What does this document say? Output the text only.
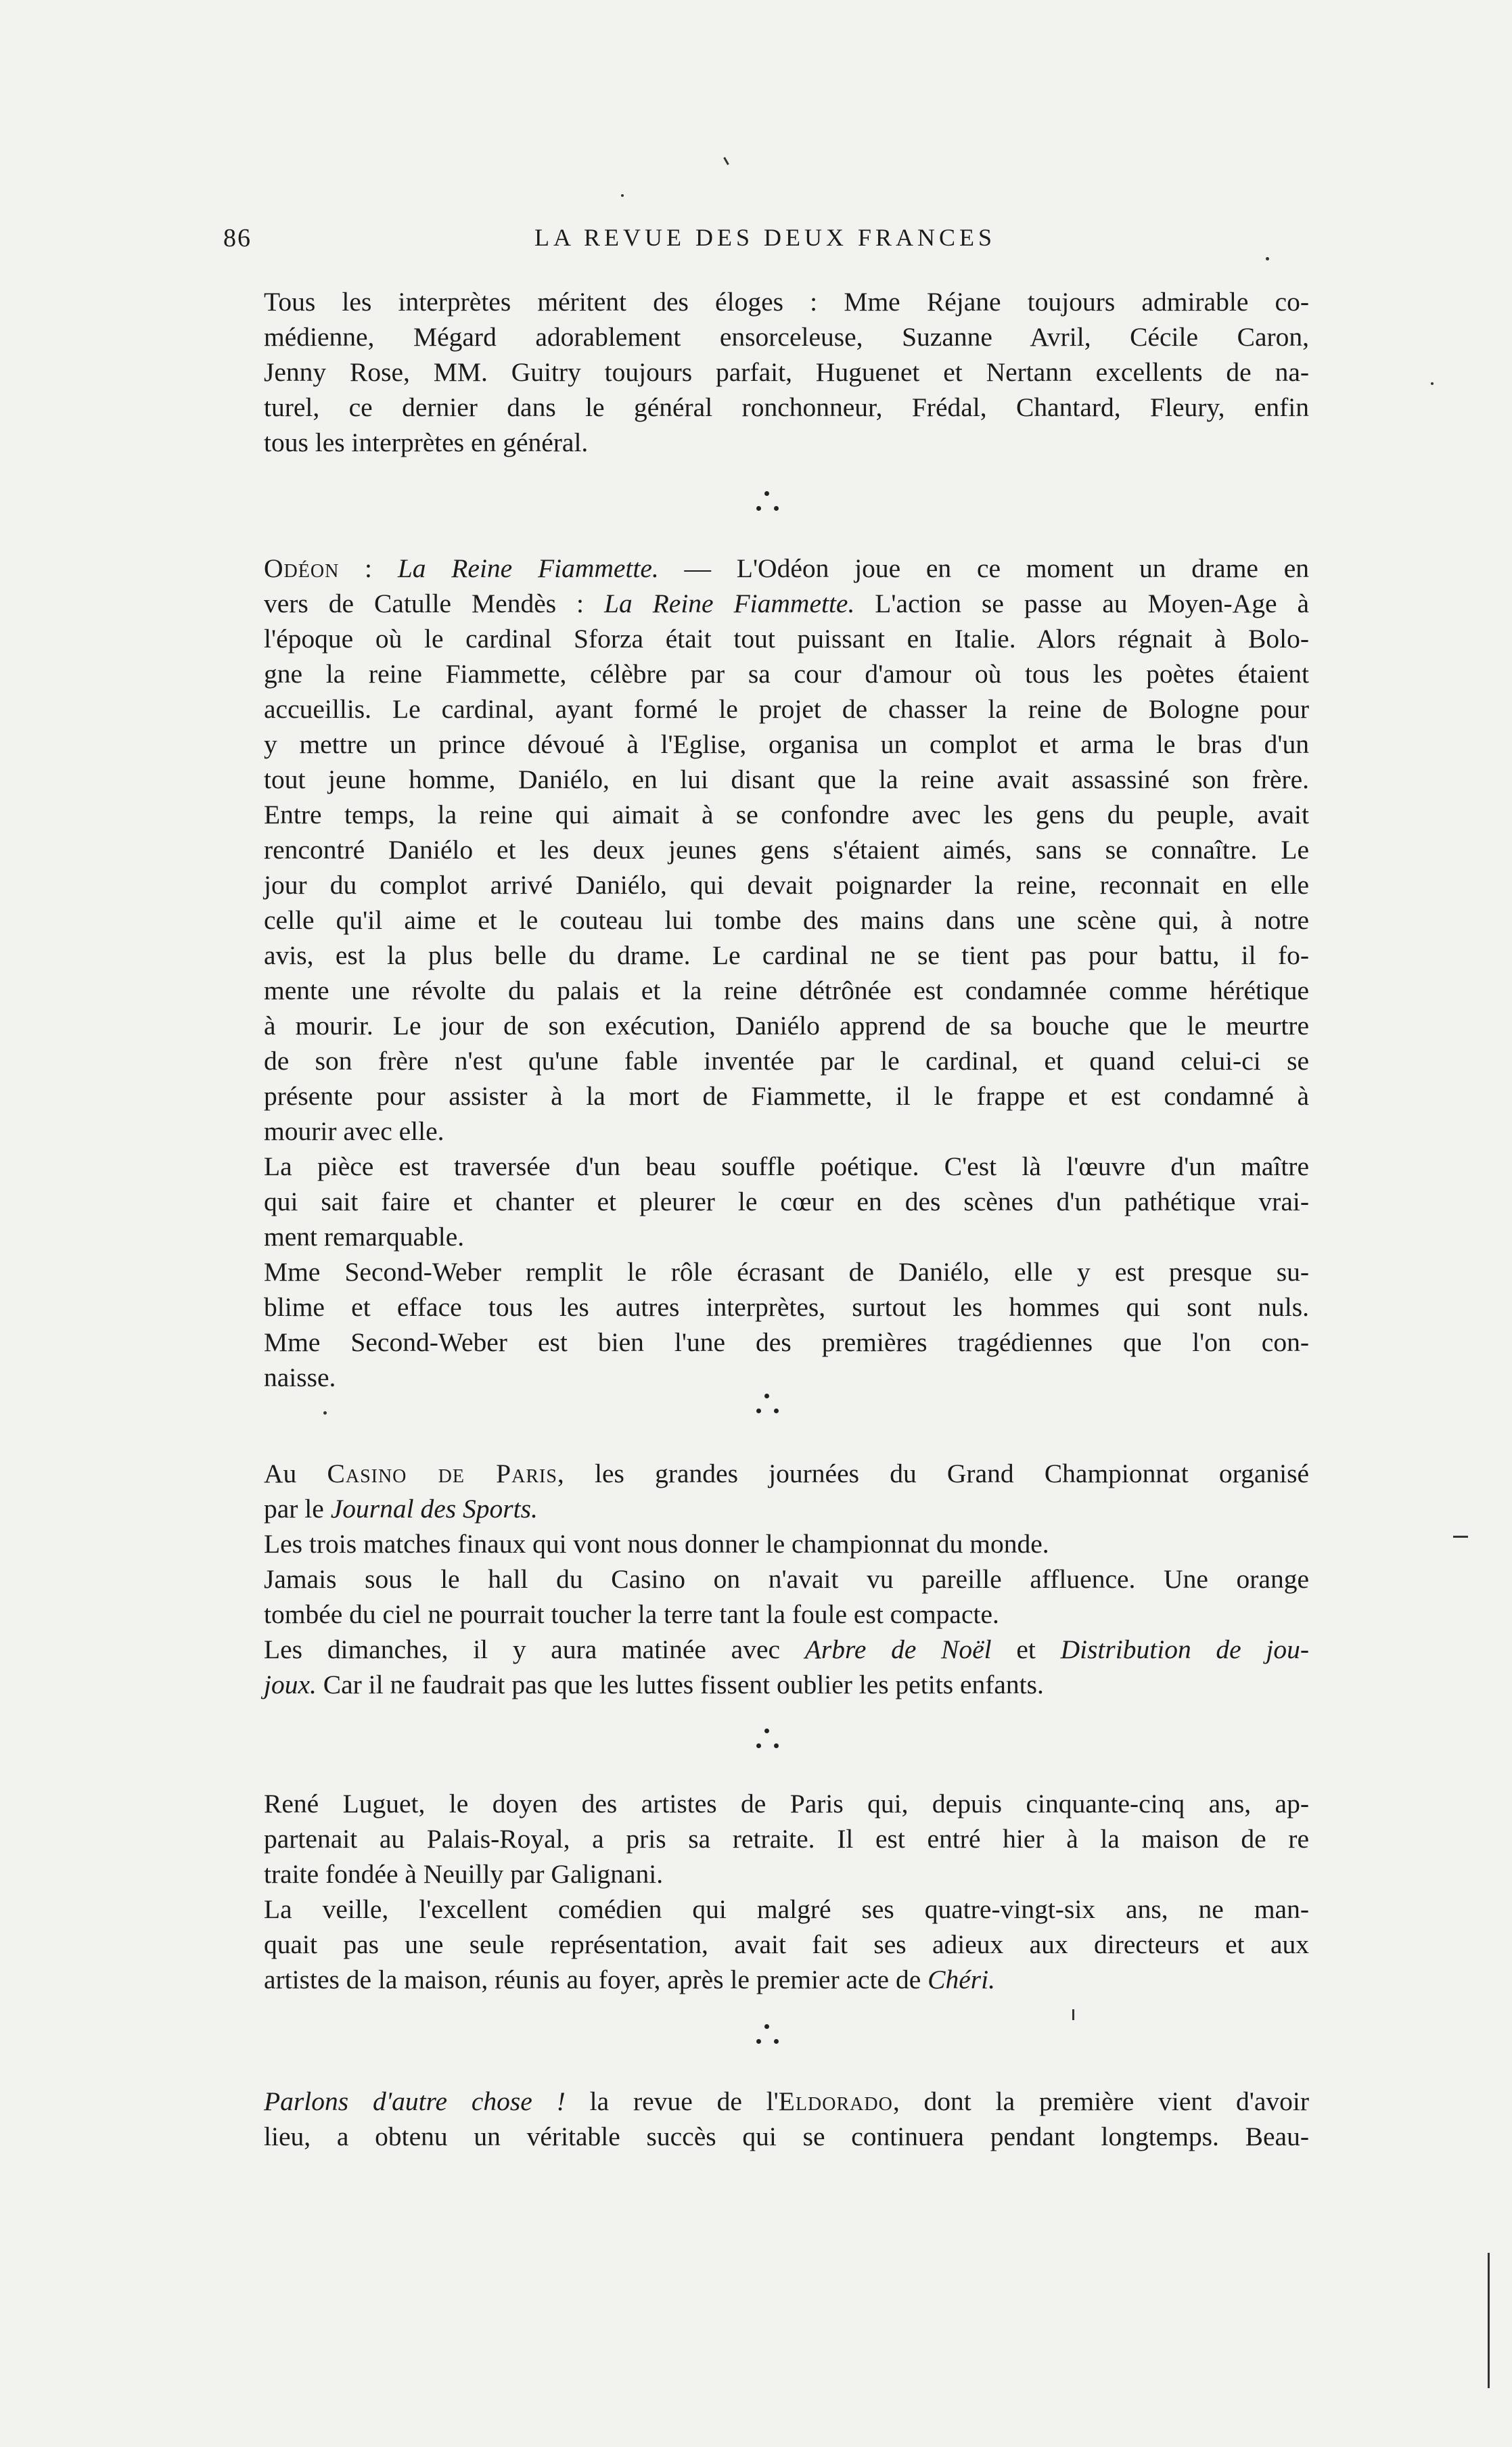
86	LA REVUE DES DEUX FRANCES

Tous les interprètes méritent des éloges : Mme Réjane toujours admirable co-

médienne, Mégard adorablement ensorceleuse, Suzanne Avril, Cécile Caron,

Jenny Rose, MM. Guitry toujours parfait, Huguenet et Nertann excellents de na-

turel, ce dernier dans le général ronchonneur, Frédal, Chantard, Fleury, enfin

tous les interprètes en général.

Odéon : La Reine Fiammette. — L'Odéon joue en ce moment un drame en

vers de Catulle Mendès : La Reine Fiammette. L'action se passe au Moyen-Age à

l'époque où le cardinal Sforza était tout puissant en Italie. Alors régnait à Bolo-

gne la reine Fiammette, célèbre par sa cour d'amour où tous les poètes étaient

accueillis. Le cardinal, ayant formé le projet de chasser la reine de Bologne pour

y mettre un prince dévoué à l'Eglise, organisa un complot et arma le bras d'un

tout jeune homme, Daniélo, en lui disant que la reine avait assassiné son frère.

Entre temps, la reine qui aimait à se confondre avec les gens du peuple, avait

rencontré Daniélo et les deux jeunes gens s'étaient aimés, sans se connaître. Le

jour du complot arrivé Daniélo, qui devait poignarder la reine, reconnait en elle

celle qu'il aime et le couteau lui tombe des mains dans une scène qui, à notre

avis, est la plus belle du drame. Le cardinal ne se tient pas pour battu, il fo-

mente une révolte du palais et la reine détrônée est condamnée comme hérétique

à mourir. Le jour de son exécution, Daniélo apprend de sa bouche que le meurtre

de son frère n'est qu'une fable inventée par le cardinal, et quand celui-ci se

présente pour assister à la mort de Fiammette, il le frappe et est condamné à

mourir avec elle.

La pièce est traversée d'un beau souffle poétique. C'est là l'œuvre d'un maître

qui sait faire et chanter et pleurer le cœur en des scènes d'un pathétique vrai-

ment remarquable.

Mme Second-Weber remplit le rôle écrasant de Daniélo, elle y est presque su-

blime et efface tous les autres interprètes, surtout les hommes qui sont nuls.

Mme Second-Weber est bien l'une des premières tragédiennes que l'on con-

naisse.

Au Casino de Paris, les grandes journées du Grand Championnat organisé

par le Journal des Sports.

Les trois matches finaux qui vont nous donner le championnat du monde.

Jamais sous le hall du Casino on n'avait vu pareille affluence. Une orange

tombée du ciel ne pourrait toucher la terre tant la foule est compacte.

Les dimanches, il y aura matinée avec Arbre de Noël et Distribution de jou-

joux. Car il ne faudrait pas que les luttes fissent oublier les petits enfants.

René Luguet, le doyen des artistes de Paris qui, depuis cinquante-cinq ans, ap-

partenait au Palais-Royal, a pris sa retraite. Il est entré hier à la maison de re

traite fondée à Neuilly par Galignani.

La veille, l'excellent comédien qui malgré ses quatre-vingt-six ans, ne man-

quait pas une seule représentation, avait fait ses adieux aux directeurs et aux

artistes de la maison, réunis au foyer, après le premier acte de Chéri.

Parlons d'autre chose ! la revue de l'Eldorado, dont la première vient d'avoir

lieu, a obtenu un véritable succès qui se continuera pendant longtemps. Beau-
